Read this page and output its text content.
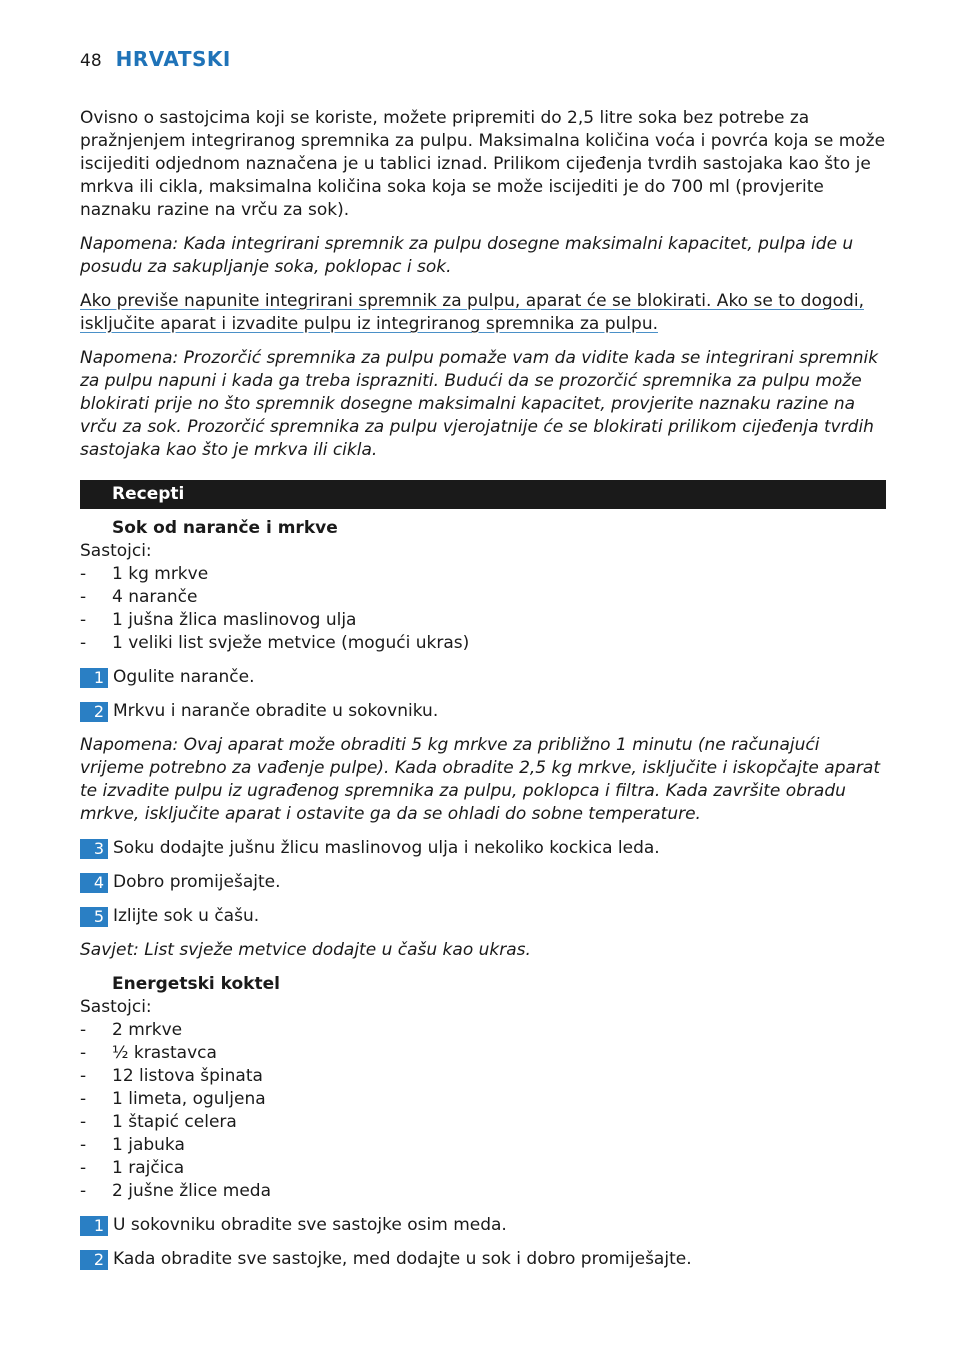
48 HRVATSKI

Ovisno o sastojcima koji se koriste, možete pripremiti do 2,5 litre soka bez potrebe za pražnjenjem integriranog spremnika za pulpu. Maksimalna količina voća i povrća koja se može iscijediti odjednom naznačena je u tablici iznad. Prilikom cijeđenja tvrdih sastojaka kao što je mrkva ili cikla, maksimalna količina soka koja se može iscijediti je do 700 ml (provjerite naznaku razine na vrču za sok).

Napomena: Kada integrirani spremnik za pulpu dosegne maksimalni kapacitet, pulpa ide u posudu za sakupljanje soka, poklopac i sok.

Ako previše napunite integrirani spremnik za pulpu, aparat će se blokirati. Ako se to dogodi,
isključite aparat i izvadite pulpu iz integriranog spremnika za pulpu.

Napomena: Prozorčić spremnika za pulpu pomaže vam da vidite kada se integrirani spremnik za pulpu napuni i kada ga treba isprazniti. Budući da se prozorčić spremnika za pulpu može blokirati prije no što spremnik dosegne maksimalni kapacitet, provjerite naznaku razine na vrču za sok. Prozorčić spremnika za pulpu vjerojatnije će se blokirati prilikom cijeđenja tvrdih sastojaka kao što je mrkva ili cikla.

Recepti

Sok od naranče i mrkve

Sastojci:

-	1 kg mrkve
-	4 naranče
-	1 jušna žlica maslinovog ulja
-	1 veliki list svježe metvice (mogući ukras)
1 Ogulite naranče.
2 Mrkvu i naranče obradite u sokovniku.

Napomena: Ovaj aparat može obraditi 5 kg mrkve za približno 1 minutu (ne računajući vrijeme potrebno za vađenje pulpe). Kada obradite 2,5 kg mrkve, isključite i iskopčajte aparat te izvadite pulpu iz ugrađenog spremnika za pulpu, poklopca i filtra. Kada završite obradu mrkve, isključite aparat i ostavite ga da se ohladi do sobne temperature.

3 Soku dodajte jušnu žlicu maslinovog ulja i nekoliko kockica leda.
4 Dobro promiješajte.
5 Izlijte sok u čašu.

Savjet: List svježe metvice dodajte u čašu kao ukras.

Energetski koktel

Sastojci:

-	2 mrkve
-	½ krastavca
-	12 listova špinata
-	1 limeta, oguljena
-	1 štapić celera
-	1 jabuka
-	1 rajčica
-	2 jušne žlice meda
1 U sokovniku obradite sve sastojke osim meda.
2 Kada obradite sve sastojke, med dodajte u sok i dobro promiješajte.
